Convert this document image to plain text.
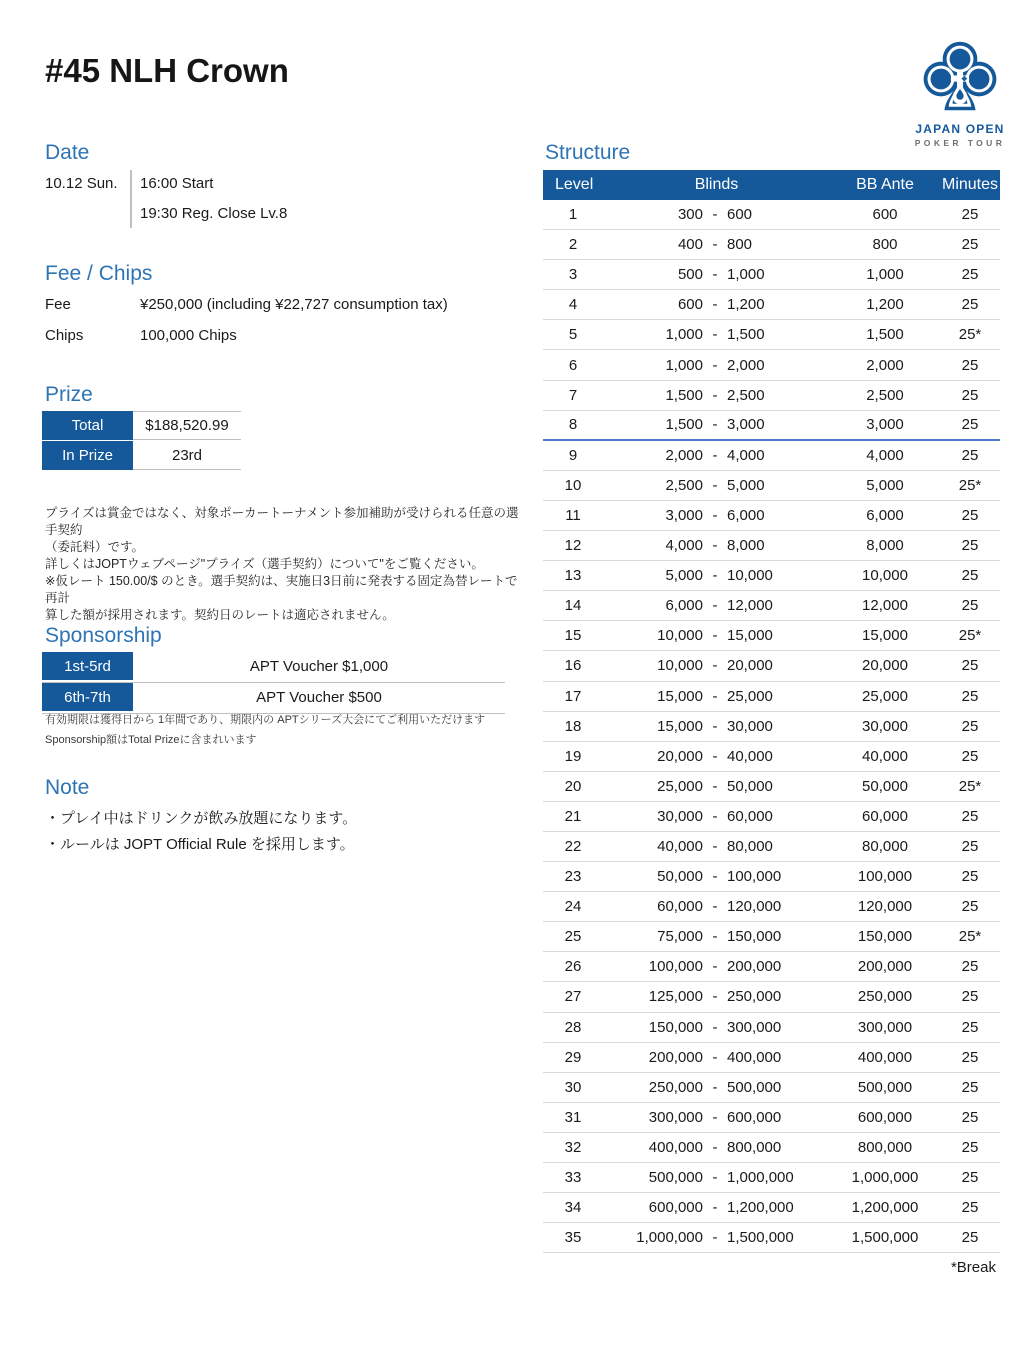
#45 NLH Crown
JAPAN OPEN
POKER TOUR
Date
10.12 Sun. 16:00 Start
19:30 Reg. Close Lv.8
Fee / Chips
Fee	¥250,000 (including ¥22,727 consumption tax)
Chips	100,000 Chips
Prize
Total	$188,520.99
In Prize	23rd
プライズは賞金ではなく、対象ポーカートーナメント参加補助が受けられる任意の選手契約
（委託料）です。
詳しくはJOPTウェブページ"プライズ（選手契約）について"をご覧ください。
※仮レート 150.00/$ のとき。選手契約は、実施日3日前に発表する固定為替レートで再計
算した額が採用されます。契約日のレートは適応されません。
Sponsorship
1st-5rd	APT Voucher $1,000
6th-7th	APT Voucher $500
有効期限は獲得日から 1年間であり、期限内の APTシリーズ大会にてご利用いただけます
Sponsorship額はTotal Prizeに含まれいます
Note
・プレイ中はドリンクが飲み放題になります。
・ルールは JOPT Official Rule を採用します。
Structure
Level	Blinds	BB Ante	Minutes
1	300 - 600	600	25
2	400 - 800	800	25
3	500 - 1,000	1,000	25
4	600 - 1,200	1,200	25
5	1,000 - 1,500	1,500	25*
6	1,000 - 2,000	2,000	25
7	1,500 - 2,500	2,500	25
8	1,500 - 3,000	3,000	25
9	2,000 - 4,000	4,000	25
10	2,500 - 5,000	5,000	25*
11	3,000 - 6,000	6,000	25
12	4,000 - 8,000	8,000	25
13	5,000 - 10,000	10,000	25
14	6,000 - 12,000	12,000	25
15	10,000 - 15,000	15,000	25*
16	10,000 - 20,000	20,000	25
17	15,000 - 25,000	25,000	25
18	15,000 - 30,000	30,000	25
19	20,000 - 40,000	40,000	25
20	25,000 - 50,000	50,000	25*
21	30,000 - 60,000	60,000	25
22	40,000 - 80,000	80,000	25
23	50,000 - 100,000	100,000	25
24	60,000 - 120,000	120,000	25
25	75,000 - 150,000	150,000	25*
26	100,000 - 200,000	200,000	25
27	125,000 - 250,000	250,000	25
28	150,000 - 300,000	300,000	25
29	200,000 - 400,000	400,000	25
30	250,000 - 500,000	500,000	25
31	300,000 - 600,000	600,000	25
32	400,000 - 800,000	800,000	25
33	500,000 - 1,000,000	1,000,000	25
34	600,000 - 1,200,000	1,200,000	25
35	1,000,000 - 1,500,000	1,500,000	25
*Break
